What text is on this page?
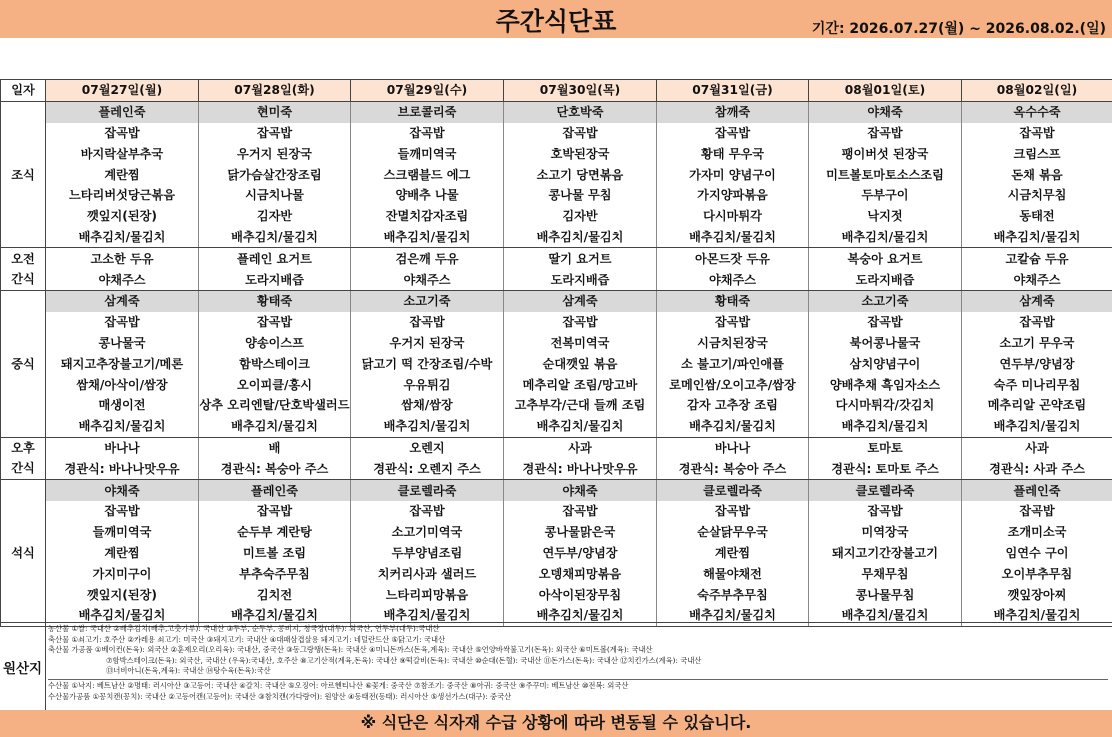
주간식단표	기간: 2026.07.27(월) ~ 2026.08.02.(일)
일자	07월27일(월)	07월28일(화)	07월29일(수)	07월30일(목)	07월31일(금)	08월01일(토)	08월02일(일)
조식	플레인죽	현미죽	브로콜리죽	단호박죽	참깨죽	야채죽	옥수수죽
	잡곡밥	잡곡밥	잡곡밥	잡곡밥	잡곡밥	잡곡밥	잡곡밥
	바지락살부추국	우거지 된장국	들깨미역국	호박된장국	황태 무우국	팽이버섯 된장국	크림스프
	계란찜	닭가슴살간장조림	스크램블드 에그	소고기 당면볶음	가자미 양념구이	미트볼토마토소스조림	돈채 볶음
	느타리버섯당근볶음	시금치나물	양배추 나물	콩나물 무침	가지양파볶음	두부구이	시금치무침
	깻잎지(된장)	김자반	잔멸치감자조림	김자반	다시마튀각	낙지젓	동태전
	배추김치/물김치	배추김치/물김치	배추김치/물김치	배추김치/물김치	배추김치/물김치	배추김치/물김치	배추김치/물김치

오전
간식	고소한 두유	플레인 요거트	검은깨 두유	딸기 요거트	아몬드잣 두유	복숭아 요거트	고칼슘 두유
	야채주스	도라지배즙	야채주스	도라지배즙	야채주스	도라지배즙	야채주스
중식	삼계죽	황태죽	소고기죽	삼계죽	황태죽	소고기죽	삼계죽
	잡곡밥	잡곡밥	잡곡밥	잡곡밥	잡곡밥	잡곡밥	잡곡밥
	콩나물국	양송이스프	우거지 된장국	전복미역국	시금치된장국	북어콩나물국	소고기 무우국
	돼지고추장불고기/메론	함박스테이크	닭고기 떡 간장조림/수박	순대깻잎 볶음	소 불고기/파인애플	삼치양념구이	연두부/양념장
	쌈채/아삭이/쌈장	오이피클/홍시	우유튀김	메추리알 조림/망고바	로메인쌈/오이고추/쌈장	양배추채 흑임자소스	숙주 미나리무침
	매생이전	상추 오리엔탈/단호박샐러드	쌈채/쌈장	고추부각/근대 들깨 조림	감자 고추장 조림	다시마튀각/갓김치	메추리알 곤약조림
	배추김치/물김치	배추김치/물김치	배추김치/물김치	배추김치/물김치	배추김치/물김치	배추김치/물김치	배추김치/물김치

오후
간식	바나나	배	오렌지	사과	바나나	토마토	사과
	경관식: 바나나맛우유	경관식: 복숭아 주스	경관식: 오렌지 주스	경관식: 바나나맛우유	경관식: 복숭아 주스	경관식: 토마토 주스	경관식: 사과 주스
석식	야채죽	플레인죽	클로렐라죽	야채죽	클로렐라죽	클로렐라죽	플레인죽
	잡곡밥	잡곡밥	잡곡밥	잡곡밥	잡곡밥	잡곡밥	잡곡밥
	들깨미역국	순두부 계란탕	소고기미역국	콩나물맑은국	순살닭무우국	미역장국	조개미소국
	계란찜	미트볼 조림	두부양념조림	연두부/양념장	계란찜	돼지고기간장불고기	임연수 구이
	가지미구이	부추숙주무침	치커리사과 샐러드	오뎅채피망볶음	해물야채전	무채무침	오이부추무침
	깻잎지(된장)	김치전	느타리피망볶음	아삭이된장무침	숙주부추무침	콩나물무침	깻잎장아찌
	배추김치/물김치	배추김치/물김치	배추김치/물김치	배추김치/물김치	배추김치/물김치	배추김치/물김치	배추김치/물김치
원산지
농산물 ①쌀: 국내산 ②배추김치(배추,고춧가루): 국내산 ③두부, 순두부, 콩비지, 청국장(대두): 외국산, 연두부(대두):국내산
축산물 ①쇠고기: 호주산 ②카레용 쇠고기: 미국산 ③돼지고기: 국내산 ④대패삼겹살용 돼지고기: 네덜란드산 ⑤닭고기: 국내산
축산물 가공품 ①베이컨(돈육): 외국산 ②훈제오리(오리육): 국내산, 중국산 ③동그랑땡(돈육): 국내산 ④미니돈까스(돈육,계육): 국내산 ⑤언양바싹불고기(돈육): 외국산 ⑥미트볼(계육): 국내산
⑦함박스테이크(돈육): 외국산, 국내산 (우육):국내산, 호주산 ⑧고기산적(계육,돈육): 국내산 ⑨떡갈비(돈육): 국내산 ⑩순대(돈혈): 국내산 ⑪돈가스(돈육): 국내산 ⑫치킨가스(계육): 국내산
⑬너비아니(돈육,계육): 국내산 ⑭탕수육(돈육):국산
수산물 ①낙지: 베트남산 ②명태: 러시아산 ③고등어: 국내산 ④갈치: 국내산 ⑤오징어: 아르헨티나산 ⑥꽃게: 중국산 ⑦참조기: 중국산 ⑧아귀: 중국산 ⑨주꾸미: 베트남산 ⑩전복: 외국산
수산물가공품 ①꽁치캔(꽁치): 국내산 ②고등어캔(고등어): 국내산 ③참치캔(가다랑어): 원양산 ④동태전(동태): 러시아산 ⑤생선가스(대구): 중국산
※ 식단은 식자재 수급 상황에 따라 변동될 수 있습니다.
